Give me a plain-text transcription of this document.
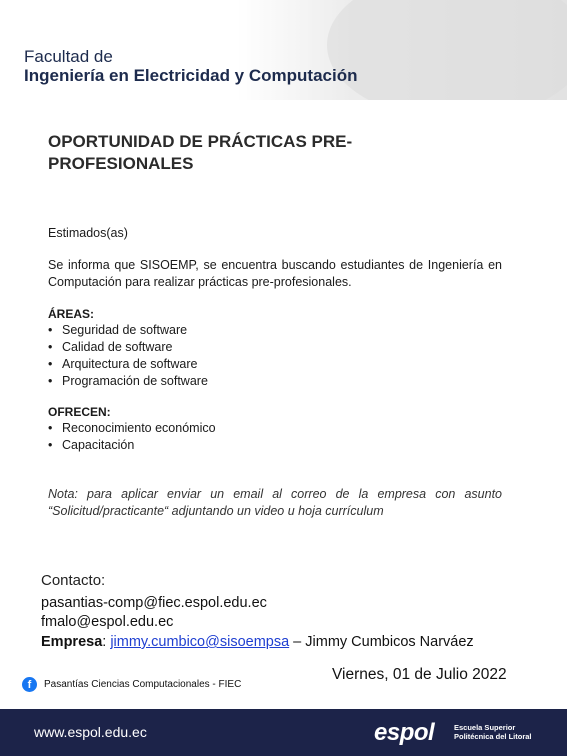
Facultad de
Ingeniería en Electricidad y Computación
OPORTUNIDAD DE PRÁCTICAS PRE-PROFESIONALES
Estimados(as)
Se informa que SISOEMP, se encuentra buscando estudiantes de Ingeniería en Computación para realizar prácticas pre-profesionales.
ÁREAS:
• Seguridad de software
• Calidad de software
• Arquitectura de software
• Programación de software
OFRECEN:
• Reconocimiento económico
• Capacitación
Nota: para aplicar enviar un email al correo de la empresa con asunto “Solicitud/practicante“ adjuntando un video u hoja currículum
Contacto:
pasantias-comp@fiec.espol.edu.ec
fmalo@espol.edu.ec
Empresa: jimmy.cumbico@sisoempsa – Jimmy Cumbicos Narváez
Viernes, 01 de Julio 2022
f	Pasantías Ciencias Computacionales - FIEC
www.espol.edu.ec	espol	Escuela Superior
Politécnica del Litoral
